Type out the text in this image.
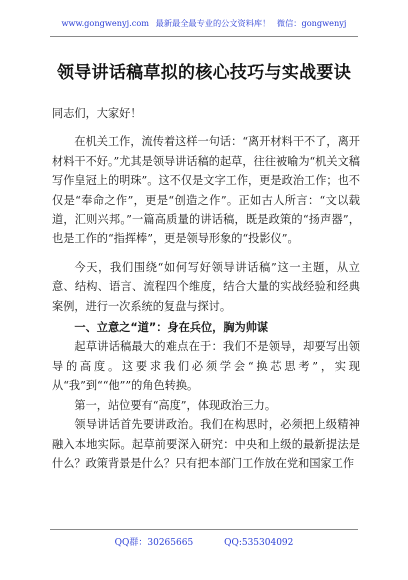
www.gongwenyj.com 最新最全最专业的公文资料库！ 微信：gongwenyj
领导讲话稿草拟的核心技巧与实战要诀

同志们，大家好！

在机关工作，流传着这样一句话：“离开材料干不了，离开材料干不好。”尤其是领导讲话稿的起草，往往被喻为“机关文稿写作皇冠上的明珠”。这不仅是文字工作，更是政治工作；也不仅是“奉命之作”，更是“创造之作”。正如古人所言：“文以载道，汇则兴邦。”一篇高质量的讲话稿，既是政策的“扬声器”，也是工作的“指挥棒”，更是领导形象的“投影仪”。

今天，我们围绕“如何写好领导讲话稿”这一主题，从立意、结构、语言、流程四个维度，结合大量的实战经验和经典案例，进行一次系统的复盘与探讨。

一、立意之“道”：身在兵位，胸为帅谋

起草讲话稿最大的难点在于：我们不是领导，却要写出领导的高度。这要求我们必须学会“换芯思考”，实现从“我”到““他””的角色转换。

第一，站位要有“高度”，体现政治三力。

领导讲话首先要讲政治。我们在构思时，必须把上级精神融入本地实际。起草前要深入研究：中央和上级的最新提法是什么？政策背景是什么？只有把本部门工作放在党和国家工作

QQ群：30265665	QQ:535304092
